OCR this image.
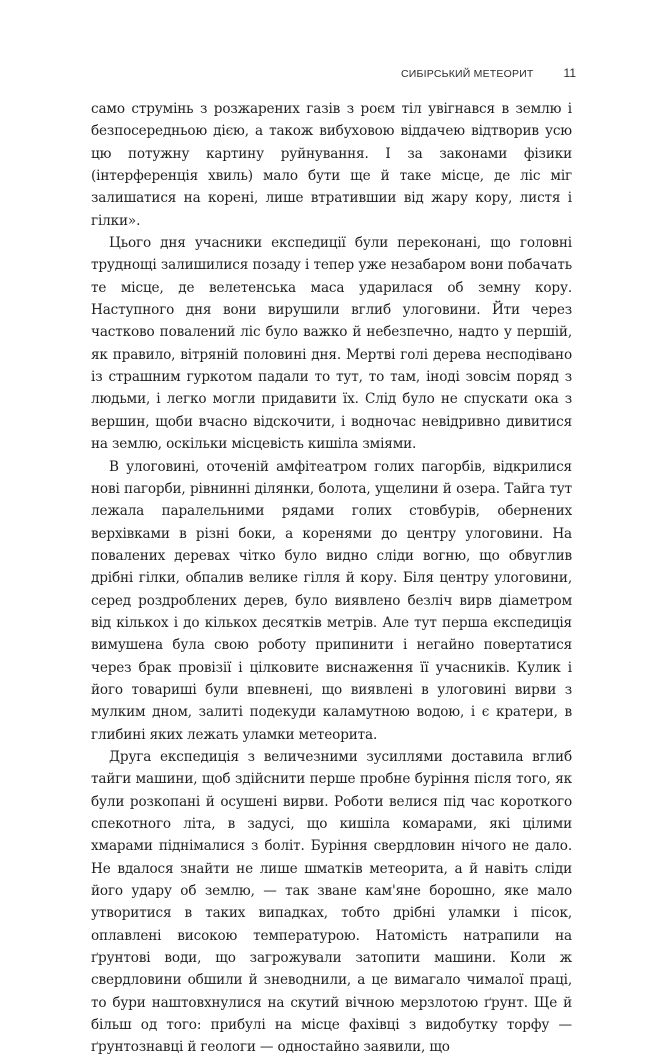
СИБІРСЬКИЙ МЕТЕОРИТ	11

само струмінь з розжарених газів з роєм тіл увігнався в землю і безпосередньою дією, а також вибуховою віддачею відтворив усю цю потужну картину руйнування. І за законами фізики (інтерференція хвиль) мало бути ще й таке місце, де ліс міг залишатися на корені, лише втратившии від жару кору, листя і гілки».

Цього дня учасники експедиції були переконані, що головні труднощі залишилися позаду і тепер уже незабаром вони побачать те місце, де велетенська маса ударилася об земну кору. Наступного дня вони вирушили вглиб улоговини. Йти через частково повалений ліс було важко й небезпечно, надто у першій, як правило, вітряній половині дня. Мертві голі дерева несподівано із страшним гуркотом падали то тут, то там, іноді зовсім поряд з людьми, і легко могли придавити їх. Слід було не спускати ока з вершин, щоби вчасно відскочити, і водночас невідривно дивитися на землю, оскільки місцевість кишіла зміями.

В улоговині, оточеній амфітеатром голих пагорбів, відкрилися нові пагорби, рівнинні ділянки, болота, ущелини й озера. Тайга тут лежала паралельними рядами голих стовбурів, обернених верхівками в різні боки, а коренями до центру улоговини. На повалених деревах чітко було видно сліди вогню, що обвуглив дрібні гілки, обпалив велике гілля й кору. Біля центру улоговини, серед роздроблених дерев, було виявлено безліч вирв діаметром від кількох і до кількох десятків метрів. Але тут перша експедиція вимушена була свою роботу припинити і негайно повертатися через брак провізії і цілковите виснаження її учасників. Кулик і його товариші були впевнені, що виявлені в улоговині вирви з мулким дном, залиті подекуди каламутною водою, і є кратери, в глибині яких лежать уламки метеорита.

Друга експедиція з величезними зусиллями доставила вглиб тайги машини, щоб здійснити перше пробне буріння після того, як були розкопані й осушені вирви. Роботи велися під час короткого спекотного літа, в задусі, що кишіла комарами, які цілими хмарами піднімалися з боліт. Буріння свердловин нічого не дало. Не вдалося знайти не лише шматків метеорита, а й навіть сліди його удару об землю, — так зване кам'яне борошно, яке мало утворитися в таких випадках, тобто дрібні уламки і пісок, оплавлені високою температурою. Натомість натрапили на ґрунтові води, що загрожували затопити машини. Коли ж свердловини обшили й зневоднили, а це вимагало чималої праці, то бури наштовхнулися на скутий вічною мерзлотою ґрунт. Ще й більш од того: прибулі на місце фахівці з видобутку торфу — ґрунтознавці й геологи — одностайно заявили, що
